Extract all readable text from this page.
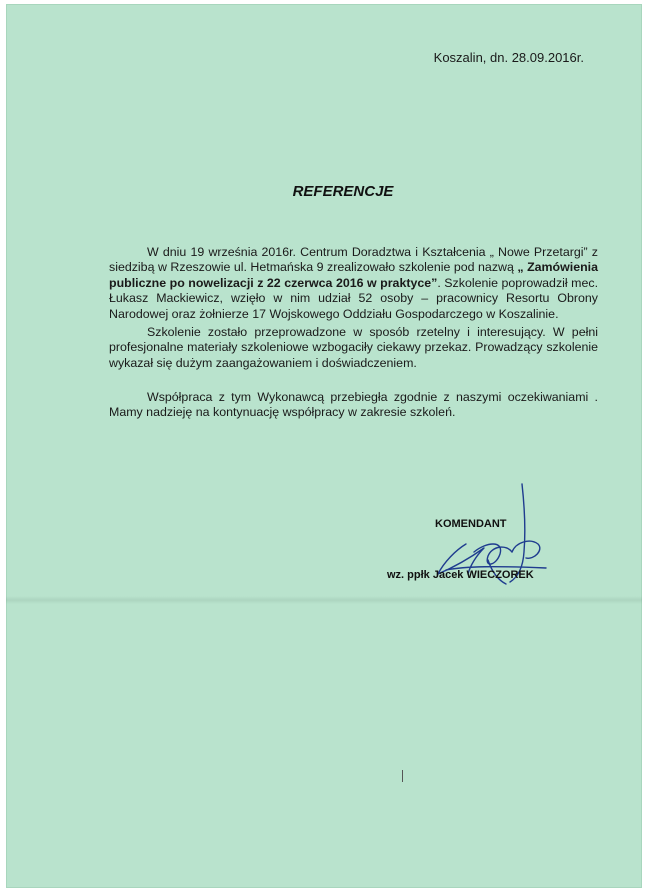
Koszalin, dn. 28.09.2016r.
REFERENCJE

W dniu 19 września 2016r. Centrum Doradztwa i Kształcenia „ Nowe Przetargi” z siedzibą w Rzeszowie ul. Hetmańska 9 zrealizowało szkolenie pod nazwą „ Zamówienia publiczne po nowelizacji z 22 czerwca 2016 w praktyce”. Szkolenie poprowadził mec. Łukasz Mackiewicz, wzięło w nim udział 52 osoby – pracownicy Resortu Obrony Narodowej oraz żołnierze 17 Wojskowego Oddziału Gospodarczego w Koszalinie.

Szkolenie zostało przeprowadzone w sposób rzetelny i interesujący. W pełni profesjonalne materiały szkoleniowe wzbogaciły ciekawy przekaz. Prowadzący szkolenie wykazał się dużym zaangażowaniem i doświadczeniem.

Współpraca z tym Wykonawcą przebiegła zgodnie z naszymi oczekiwaniami . Mamy nadzieję na kontynuację współpracy w zakresie szkoleń.

KOMENDANT
wz. ppłk Jacek WIECZOREK
